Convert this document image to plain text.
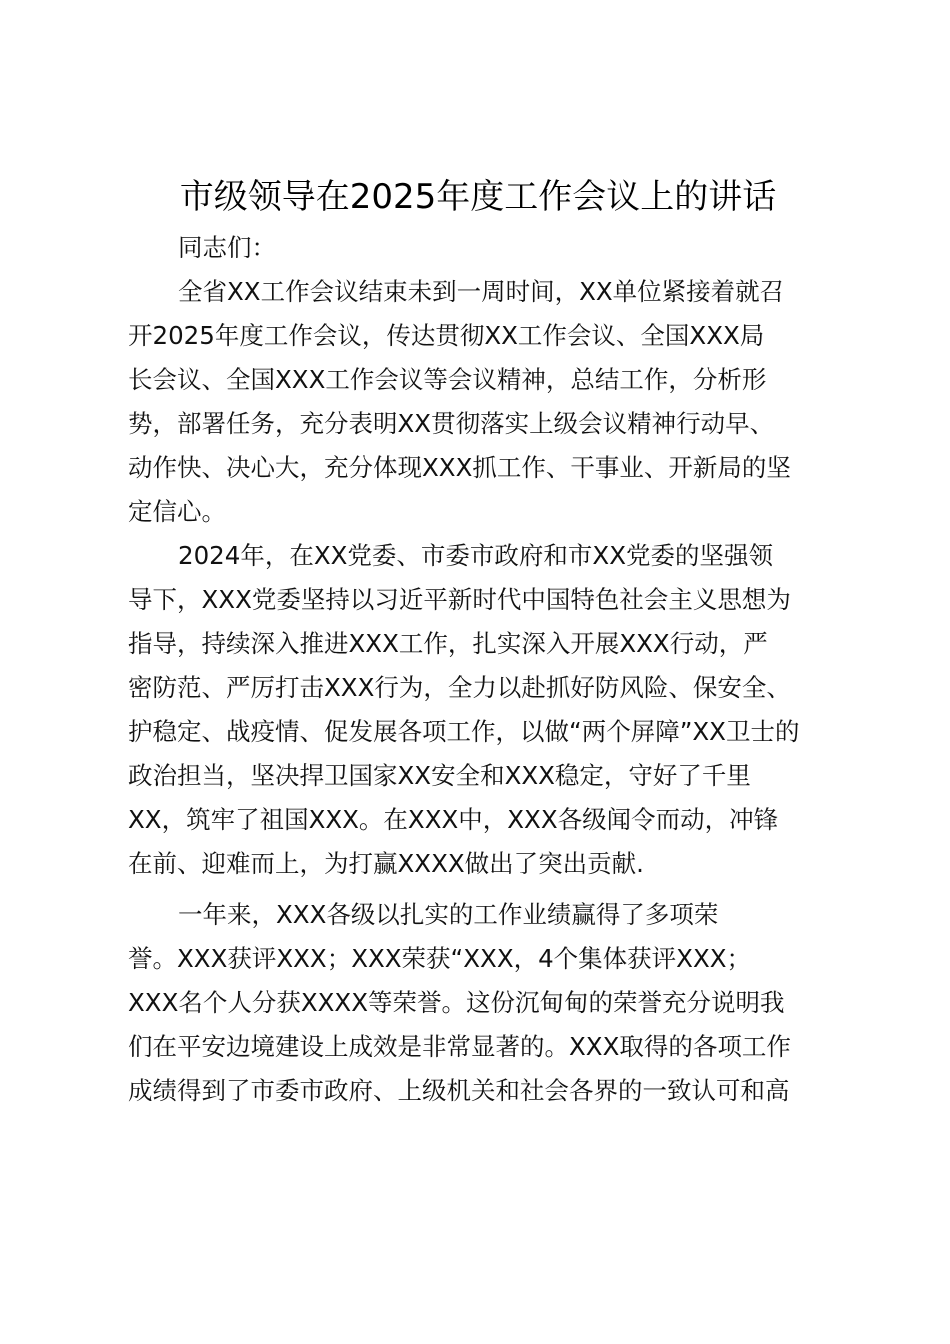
市级领导在2025年度工作会议上的讲话
同志们：
全省XX工作会议结束未到一周时间，XX单位紧接着就召
开2025年度工作会议，传达贯彻XX工作会议、全国XXX局
长会议、全国XXX工作会议等会议精神，总结工作，分析形
势，部署任务，充分表明XX贯彻落实上级会议精神行动早、
动作快、决心大，充分体现XXX抓工作、干事业、开新局的坚
定信心。
2024年，在XX党委、市委市政府和市XX党委的坚强领
导下，XXX党委坚持以习近平新时代中国特色社会主义思想为
指导，持续深入推进XXX工作，扎实深入开展XXX行动，严
密防范、严厉打击XXX行为，全力以赴抓好防风险、保安全、
护稳定、战疫情、促发展各项工作，以做“两个屏障”XX卫士的
政治担当，坚决捍卫国家XX安全和XXX稳定，守好了千里
XX，筑牢了祖国XXX。在XXX中，XXX各级闻令而动，冲锋
在前、迎难而上，为打赢XXXX做出了突出贡献.
一年来，XXX各级以扎实的工作业绩赢得了多项荣
誉。XXX获评XXX；XXX荣获“XXX，4个集体获评XXX；
XXX名个人分获XXXX等荣誉。这份沉甸甸的荣誉充分说明我
们在平安边境建设上成效是非常显著的。XXX取得的各项工作
成绩得到了市委市政府、上级机关和社会各界的一致认可和高
